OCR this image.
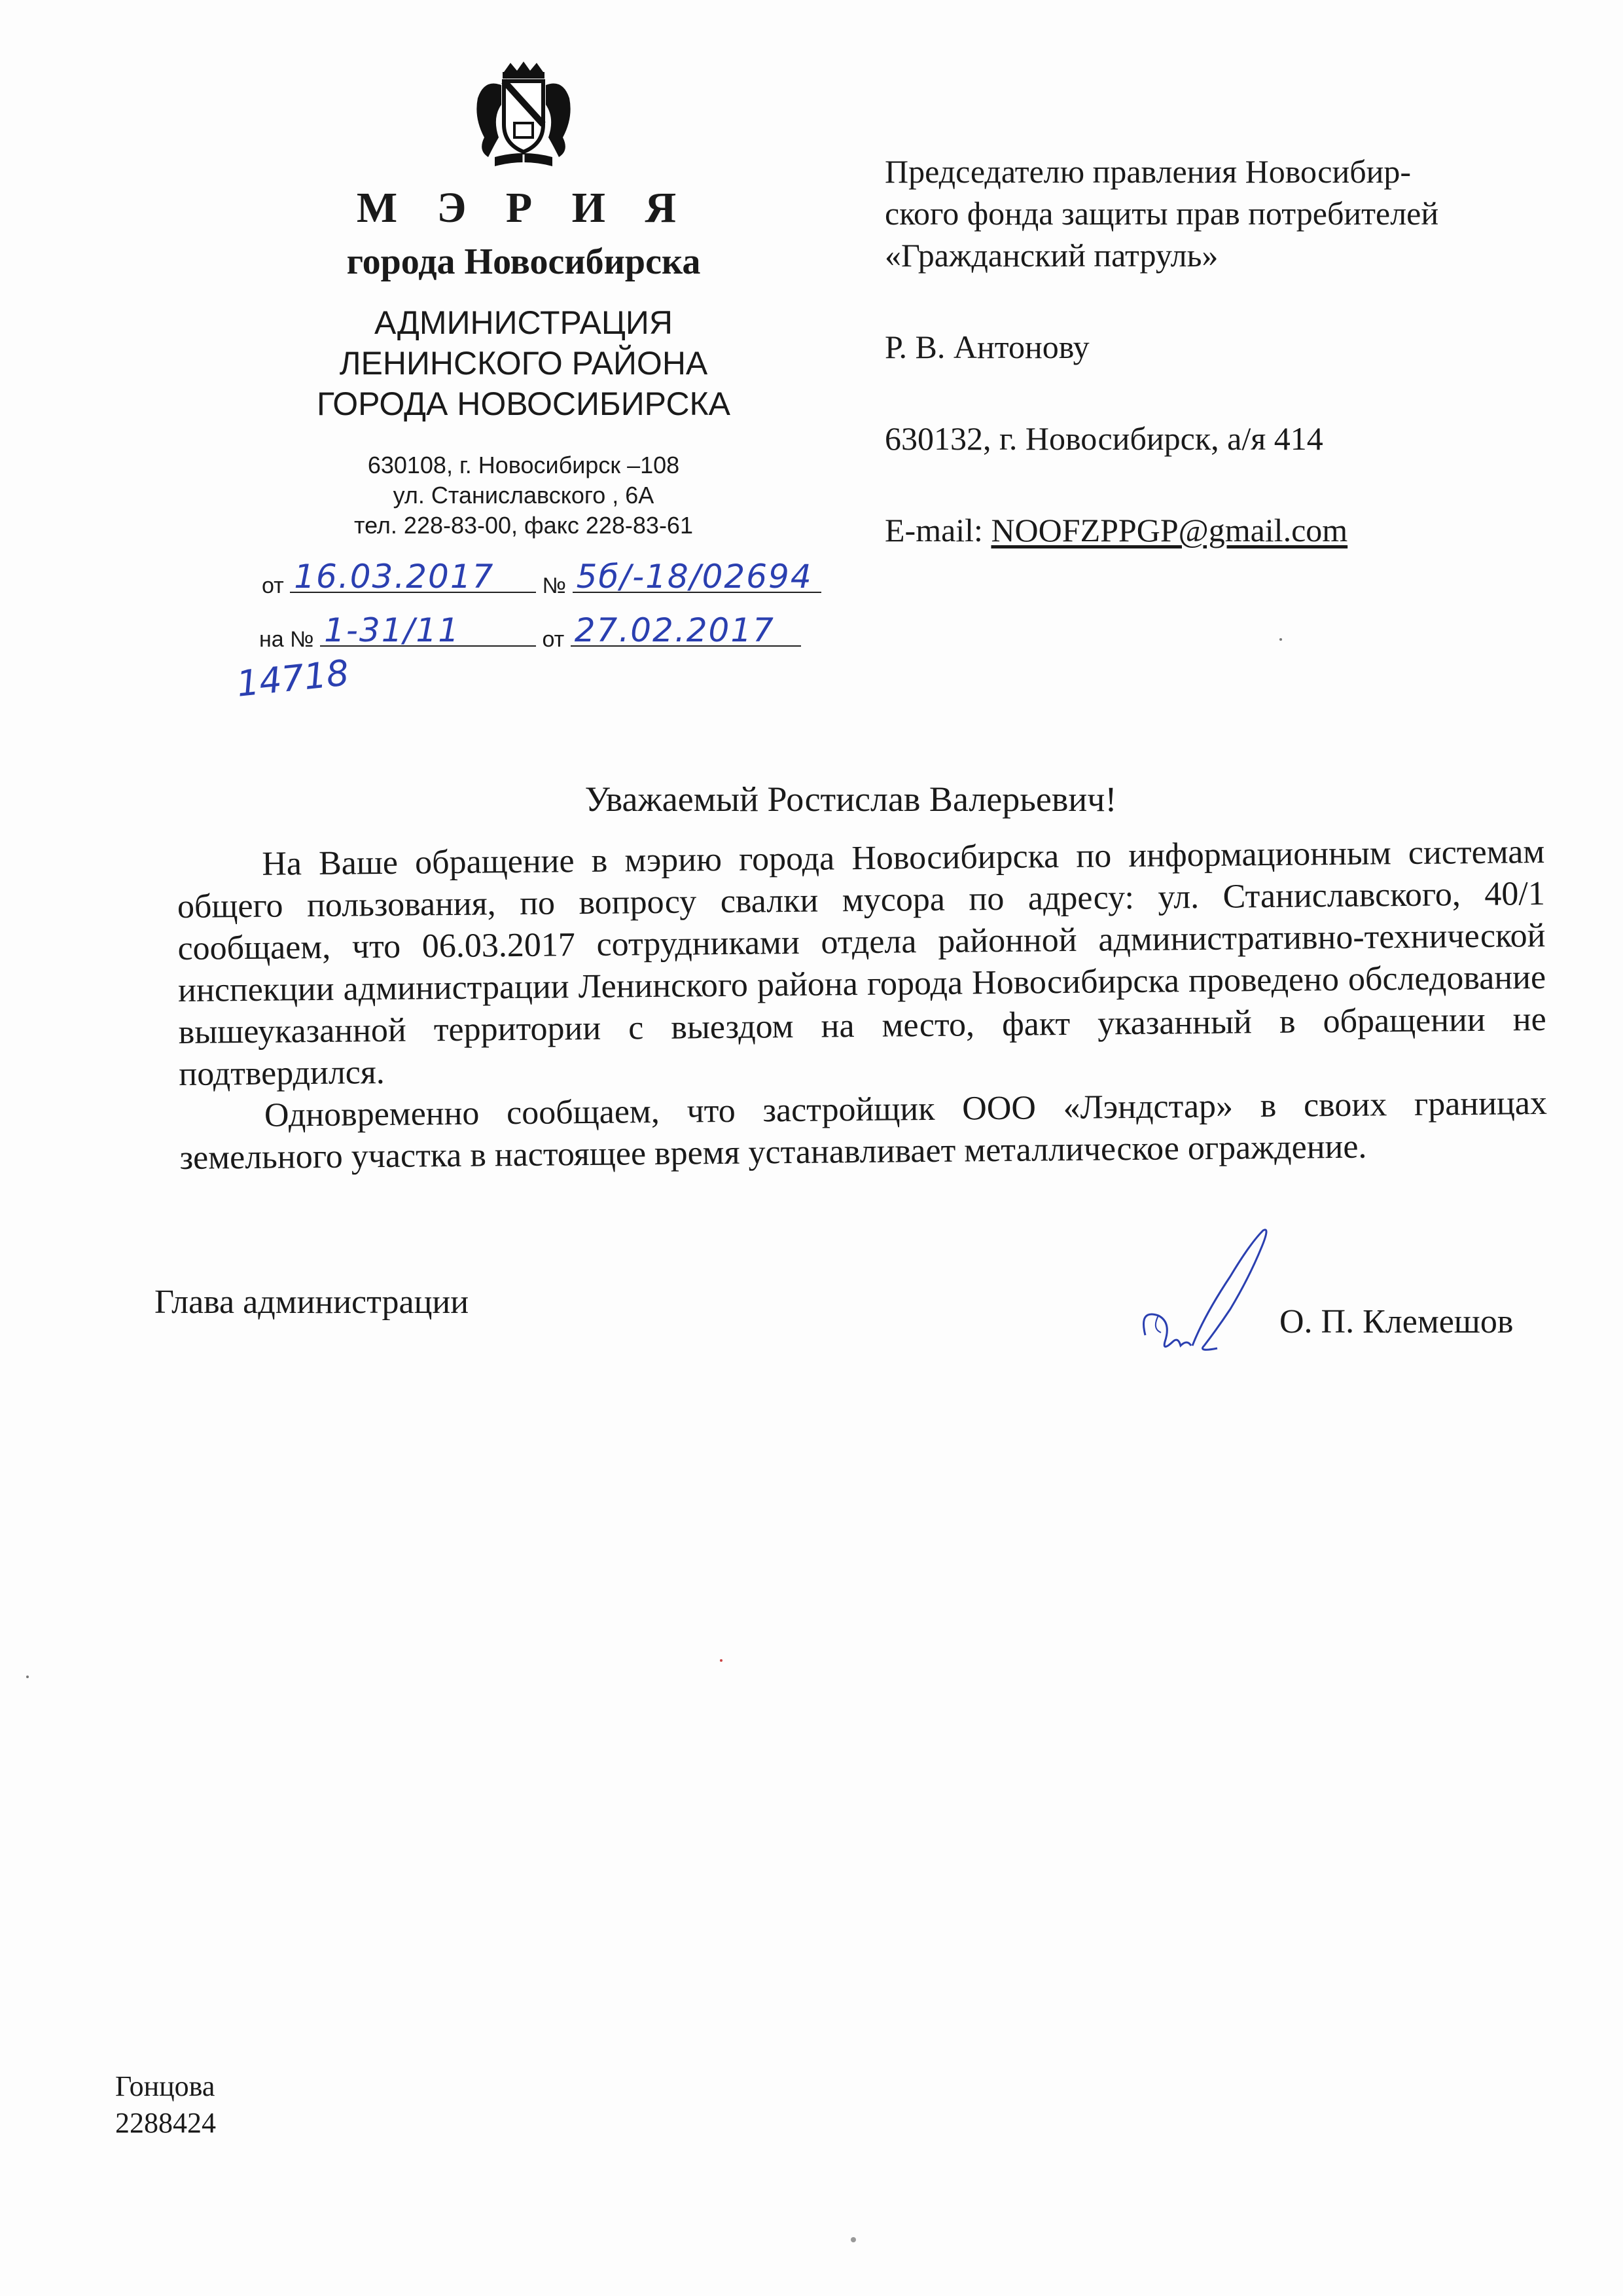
М Э Р И Я
города Новосибирска
АДМИНИСТРАЦИЯ
ЛЕНИНСКОГО РАЙОНА
ГОРОДА НОВОСИБИРСКА
630108, г. Новосибирск –108
ул. Станиславского , 6А
тел. 228-83-00, факс 228-83-61
от 16.03.2017 № 5б/-18/02694
на № 1-31/11	от 27.02.2017
14718
Председателю правления Новосибир-
ского фонда защиты прав потребителей
«Гражданский патруль»
Р. В. Антонову
630132, г. Новосибирск, а/я 414
E-mail: NOOFZPPGP@gmail.com
Уважаемый Ростислав Валерьевич!

На Ваше обращение в мэрию города Новосибирска по информационным системам общего пользования, по вопросу свалки мусора по адресу: ул. Станиславского, 40/1 сообщаем, что 06.03.2017 сотрудниками отдела районной административно-технической инспекции администрации Ленинского района города Новосибирска проведено обследование вышеуказанной территории с выездом на место, факт указанный в обращении не подтвердился.

Одновременно сообщаем, что застройщик ООО «Лэндстар» в своих границах земельного участка в настоящее время устанавливает металлическое ограждение.

Глава администрации
О. П. Клемешов
Гонцова
2288424
